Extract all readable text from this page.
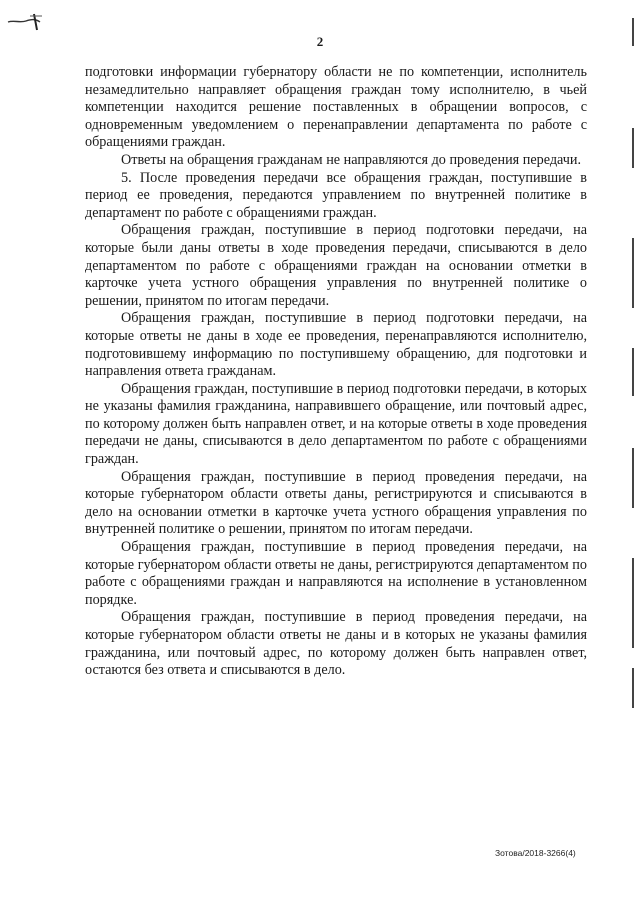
2

подготовки информации губернатору области не по компетенции, исполнитель незамедлительно направляет обращения граждан тому исполнителю, в чьей компетенции находится решение поставленных в обращении вопросов, с одновременным уведомлением о перенаправлении департамента по работе с обращениями граждан.

Ответы на обращения гражданам не направляются до проведения передачи.

5. После проведения передачи все обращения граждан, поступившие в период ее проведения, передаются управлением по внутренней политике в департамент по работе с обращениями граждан.

Обращения граждан, поступившие в период подготовки передачи, на которые были даны ответы в ходе проведения передачи, списываются в дело департаментом по работе с обращениями граждан на основании отметки в карточке учета устного обращения управления по внутренней политике о решении, принятом по итогам передачи.

Обращения граждан, поступившие в период подготовки передачи, на которые ответы не даны в ходе ее проведения, перенаправляются исполнителю, подготовившему информацию по поступившему обращению, для подготовки и направления ответа гражданам.

Обращения граждан, поступившие в период подготовки передачи, в которых не указаны фамилия гражданина, направившего обращение, или почтовый адрес, по которому должен быть направлен ответ, и на которые ответы в ходе проведения передачи не даны, списываются в дело департаментом по работе с обращениями граждан.

Обращения граждан, поступившие в период проведения передачи, на которые губернатором области ответы даны, регистрируются и списываются в дело на основании отметки в карточке учета устного обращения управления по внутренней политике о решении, принятом по итогам передачи.

Обращения граждан, поступившие в период проведения передачи, на которые губернатором области ответы не даны, регистрируются департаментом по работе с обращениями граждан и направляются на исполнение в установленном порядке.

Обращения граждан, поступившие в период проведения передачи, на которые губернатором области ответы не даны и в которых не указаны фамилия гражданина, или почтовый адрес, по которому должен быть направлен ответ, остаются без ответа и списываются в дело.

Зотова/2018-3266(4)
